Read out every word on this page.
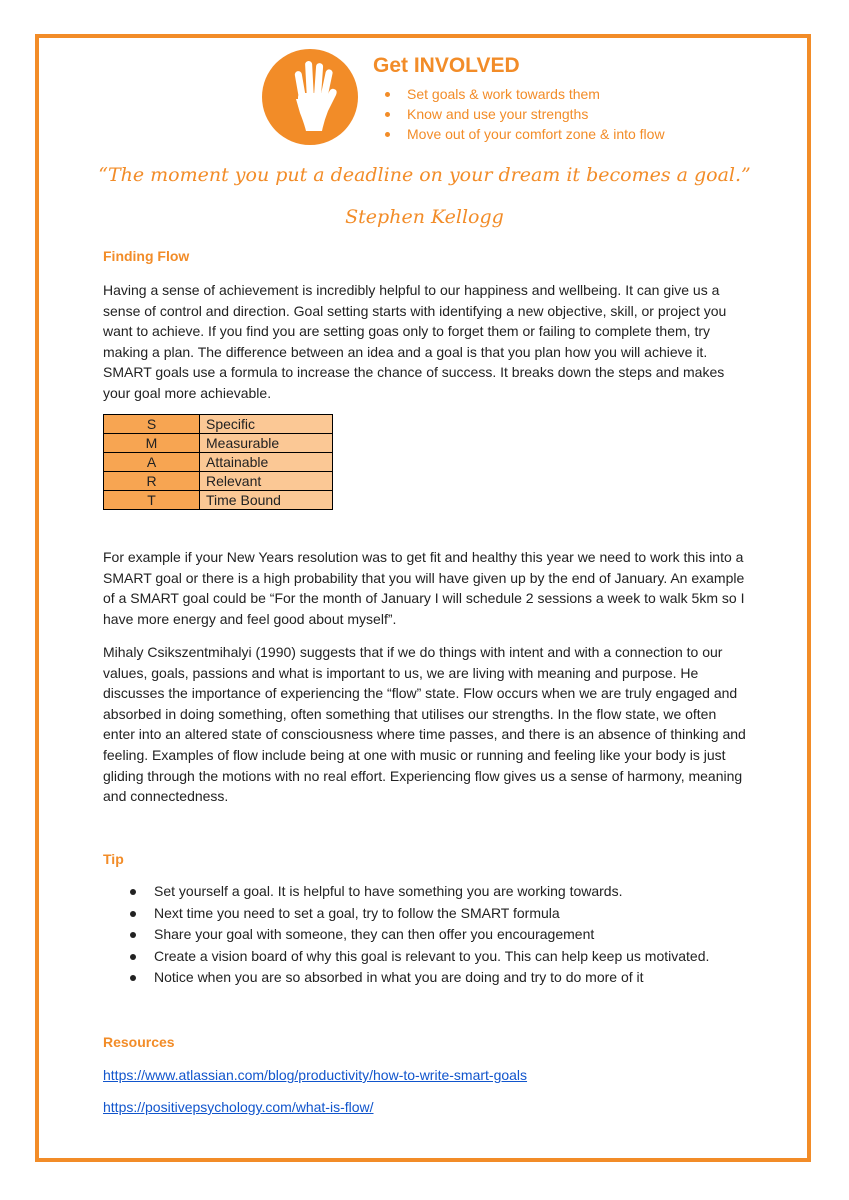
Get INVOLVED
Set goals & work towards them
Know and use your strengths
Move out of your comfort zone & into flow
“The moment you put a deadline on your dream it becomes a goal.”
Stephen Kellogg
Finding Flow

Having a sense of achievement is incredibly helpful to our happiness and wellbeing. It can give us a sense of control and direction. Goal setting starts with identifying a new objective, skill, or project you want to achieve. If you find you are setting goas only to forget them or failing to complete them, try making a plan. The difference between an idea and a goal is that you plan how you will achieve it. SMART goals use a formula to increase the chance of success. It breaks down the steps and makes your goal more achievable.

S	Specific
M	Measurable
A	Attainable
R	Relevant
T	Time Bound

For example if your New Years resolution was to get fit and healthy this year we need to work this into a SMART goal or there is a high probability that you will have given up by the end of January. An example of a SMART goal could be “For the month of January I will schedule 2 sessions a week to walk 5km so I have more energy and feel good about myself”.

Mihaly Csikszentmihalyi (1990) suggests that if we do things with intent and with a connection to our values, goals, passions and what is important to us, we are living with meaning and purpose. He discusses the importance of experiencing the “flow” state. Flow occurs when we are truly engaged and absorbed in doing something, often something that utilises our strengths. In the flow state, we often enter into an altered state of consciousness where time passes, and there is an absence of thinking and feeling. Examples of flow include being at one with music or running and feeling like your body is just gliding through the motions with no real effort. Experiencing flow gives us a sense of harmony, meaning and connectedness.

Tip
Set yourself a goal. It is helpful to have something you are working towards.
Next time you need to set a goal, try to follow the SMART formula
Share your goal with someone, they can then offer you encouragement
Create a vision board of why this goal is relevant to you. This can help keep us motivated.
Notice when you are so absorbed in what you are doing and try to do more of it
Resources
https://www.atlassian.com/blog/productivity/how-to-write-smart-goals
https://positivepsychology.com/what-is-flow/
